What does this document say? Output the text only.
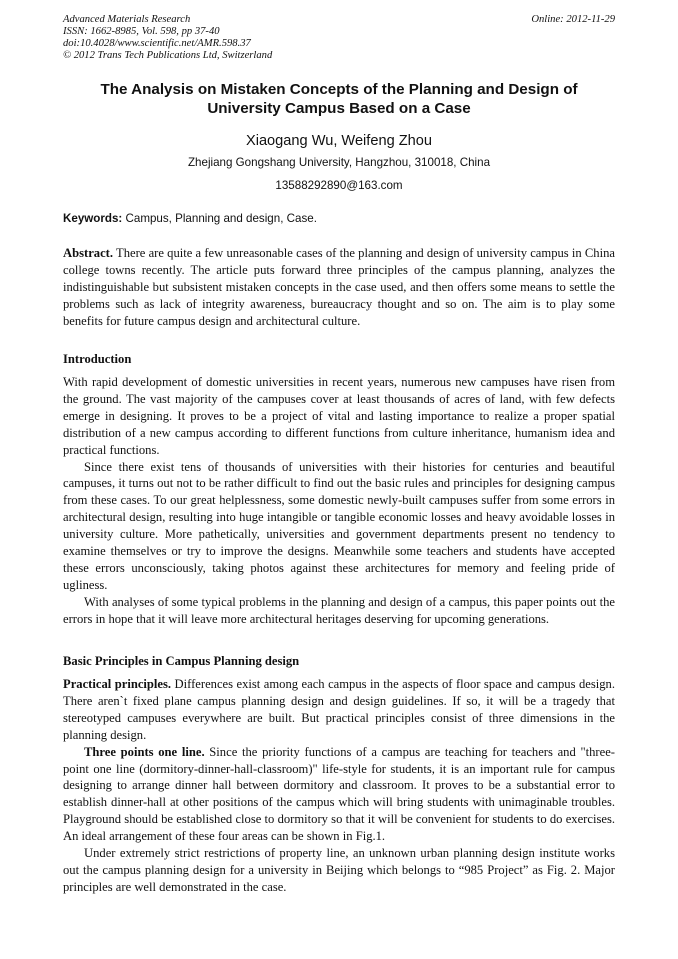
Advanced Materials Research
ISSN: 1662-8985, Vol. 598, pp 37-40
doi:10.4028/www.scientific.net/AMR.598.37
© 2012 Trans Tech Publications Ltd, Switzerland
Online: 2012-11-29
The Analysis on Mistaken Concepts of the Planning and Design of
University Campus Based on a Case
Xiaogang Wu, Weifeng Zhou
Zhejiang Gongshang University, Hangzhou, 310018, China
13588292890@163.com
Keywords: Campus, Planning and design, Case.

Abstract. There are quite a few unreasonable cases of the planning and design of university campus in China college towns recently. The article puts forward three principles of the campus planning, analyzes the indistinguishable but subsistent mistaken concepts in the case used, and then offers some means to settle the problems such as lack of integrity awareness, bureaucracy thought and so on. The aim is to play some benefits for future campus design and architectural culture.

Introduction

With rapid development of domestic universities in recent years, numerous new campuses have risen from the ground. The vast majority of the campuses cover at least thousands of acres of land, with few defects emerge in designing. It proves to be a project of vital and lasting importance to realize a proper spatial distribution of a new campus according to different functions from culture inheritance, humanism idea and practical functions.

Since there exist tens of thousands of universities with their histories for centuries and beautiful campuses, it turns out not to be rather difficult to find out the basic rules and principles for designing campus from these cases. To our great helplessness, some domestic newly-built campuses suffer from some errors in architectural design, resulting into huge intangible or tangible economic losses and heavy avoidable losses in university culture. More pathetically, universities and government departments present no tendency to examine themselves or try to improve the designs. Meanwhile some teachers and students have accepted these errors unconsciously, taking photos against these architectures for memory and feeling pride of ugliness.

With analyses of some typical problems in the planning and design of a campus, this paper points out the errors in hope that it will leave more architectural heritages deserving for upcoming generations.

Basic Principles in Campus Planning design

Practical principles. Differences exist among each campus in the aspects of floor space and campus design. There aren`t fixed plane campus planning design and design guidelines. If so, it will be a tragedy that stereotyped campuses everywhere are built. But practical principles consist of three dimensions in the planning design.

Three points one line. Since the priority functions of a campus are teaching for teachers and "three-point one line (dormitory-dinner-hall-classroom)" life-style for students, it is an important rule for campus designing to arrange dinner hall between dormitory and classroom. It proves to be a substantial error to establish dinner-hall at other positions of the campus which will bring students with unimaginable troubles. Playground should be established close to dormitory so that it will be convenient for students to do exercises. An ideal arrangement of these four areas can be shown in Fig.1.

Under extremely strict restrictions of property line, an unknown urban planning design institute works out the campus planning design for a university in Beijing which belongs to “985 Project” as Fig. 2. Major principles are well demonstrated in the case.
